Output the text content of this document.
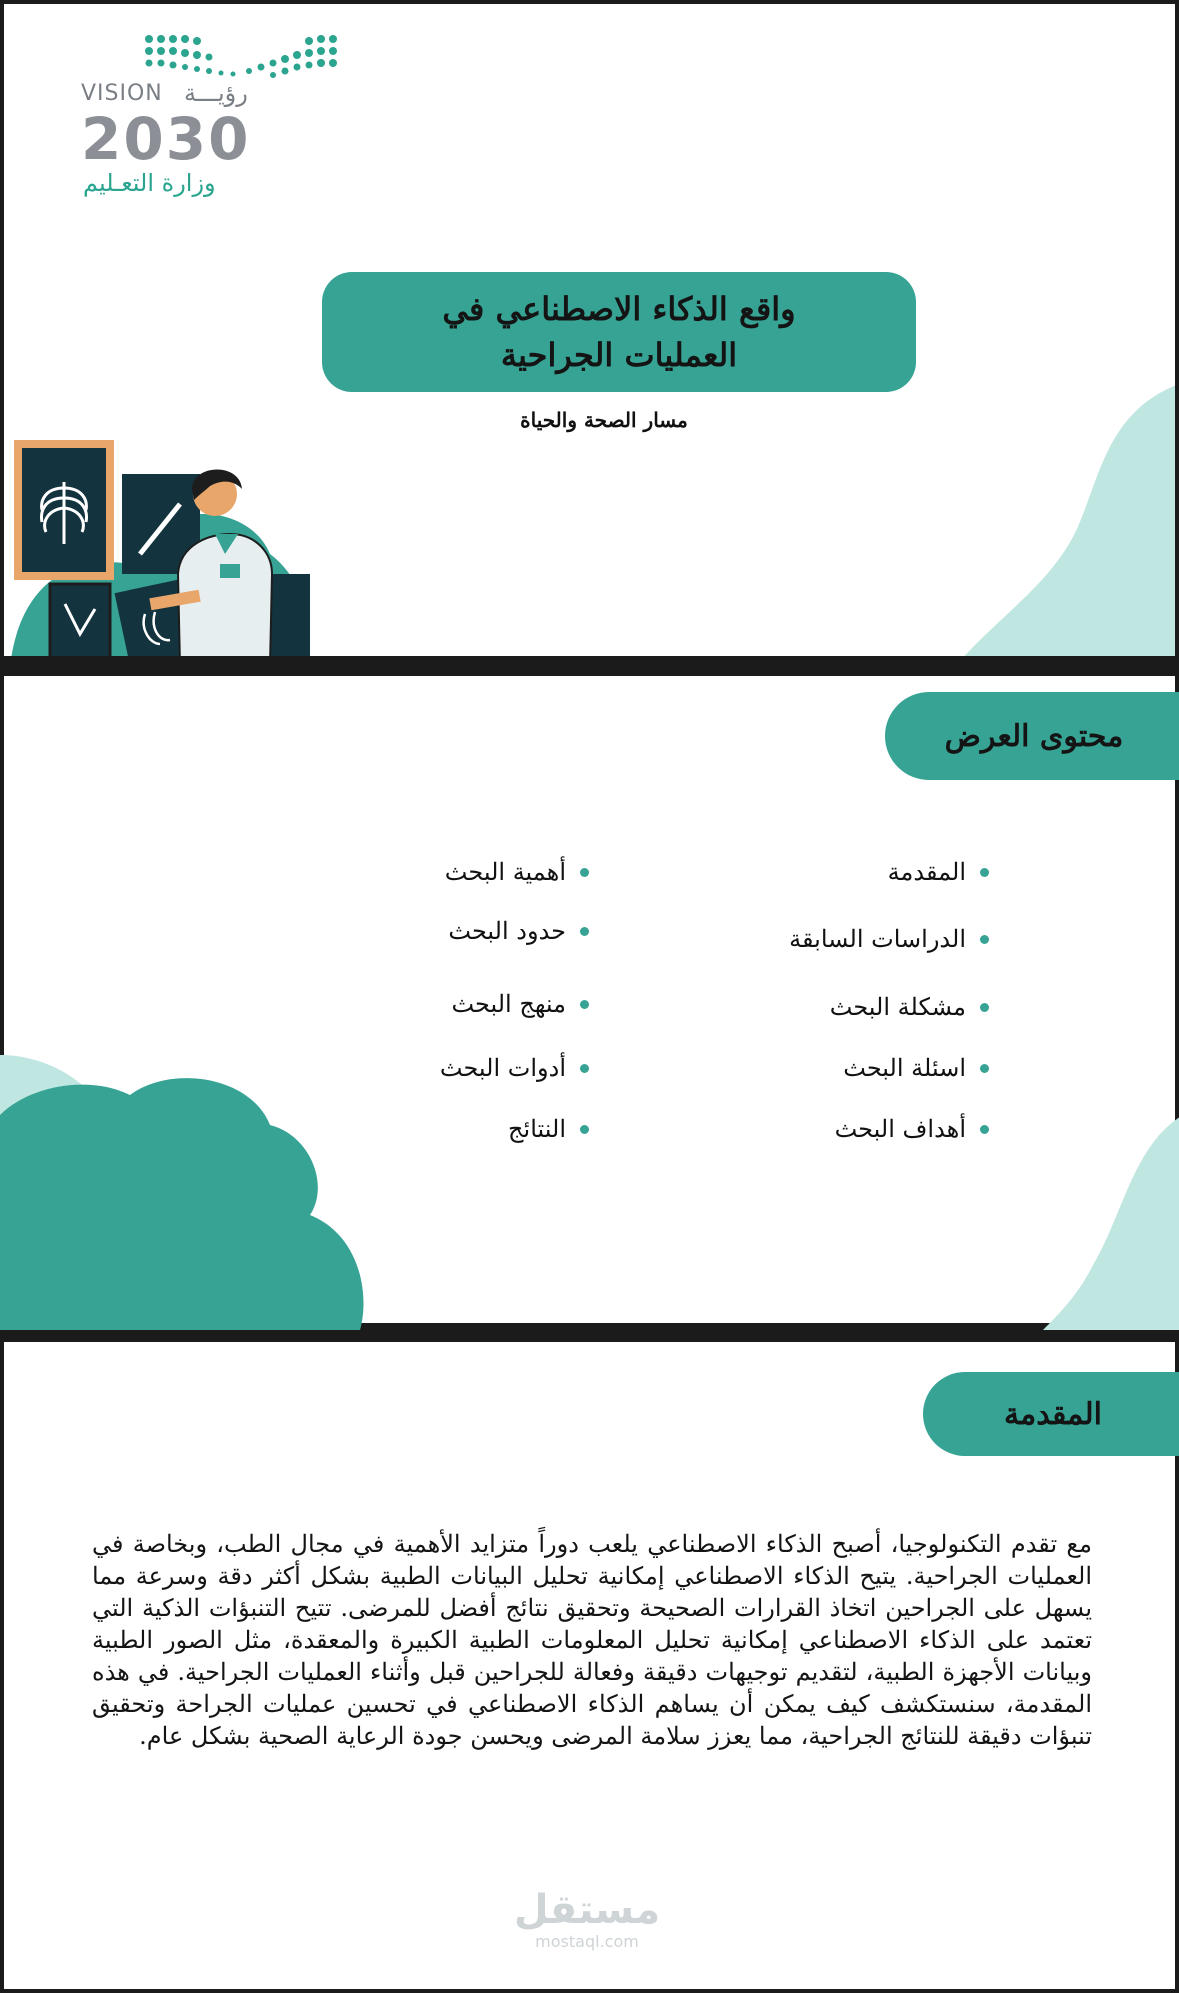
VISION رؤيـــة
2030
وزارة التعـليم
واقع الذكاء الاصطناعي في العمليات الجراحية
مسار الصحة والحياة
محتوى العرض
المقدمة
الدراسات السابقة
مشكلة البحث
اسئلة البحث
أهداف البحث
أهمية البحث
حدود البحث
منهج البحث
أدوات البحث
النتائج
المقدمة
مع تقدم التكنولوجيا، أصبح الذكاء الاصطناعي يلعب دوراً متزايد الأهمية في مجال الطب، وبخاصة في العمليات الجراحية. يتيح الذكاء الاصطناعي إمكانية تحليل البيانات الطبية بشكل أكثر دقة وسرعة مما يسهل على الجراحين اتخاذ القرارات الصحيحة وتحقيق نتائج أفضل للمرضى. تتيح التنبؤات الذكية التي تعتمد على الذكاء الاصطناعي إمكانية تحليل المعلومات الطبية الكبيرة والمعقدة، مثل الصور الطبية وبيانات الأجهزة الطبية، لتقديم توجيهات دقيقة وفعالة للجراحين قبل وأثناء العمليات الجراحية. في هذه المقدمة، سنستكشف كيف يمكن أن يساهم الذكاء الاصطناعي في تحسين عمليات الجراحة وتحقيق تنبؤات دقيقة للنتائج الجراحية، مما يعزز سلامة المرضى ويحسن جودة الرعاية الصحية بشكل عام.
مستقل
mostaql.com
